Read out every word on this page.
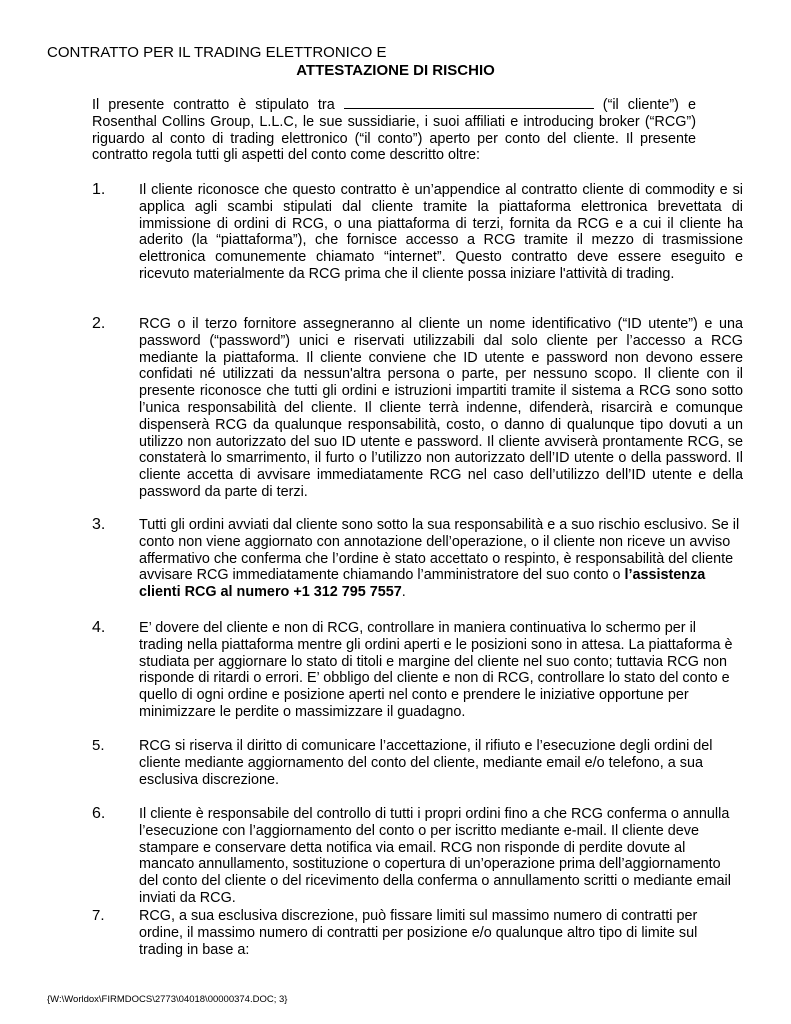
CONTRATTO PER IL TRADING ELETTRONICO E
ATTESTAZIONE DI RISCHIO
Il presente contratto è stipulato tra	(“il cliente”) e Rosenthal Collins Group, L.L.C, le sue sussidiarie, i suoi affiliati e introducing broker (“RCG”) riguardo al conto di trading elettronico (“il conto”) aperto per conto del cliente. Il presente contratto regola tutti gli aspetti del conto come descritto oltre:
1. Il cliente riconosce che questo contratto è un’appendice al contratto cliente di commodity e si applica agli scambi stipulati dal cliente tramite la piattaforma elettronica brevettata di immissione di ordini di RCG, o una piattaforma di terzi, fornita da RCG e a cui il cliente ha aderito (la “piattaforma”), che fornisce accesso a RCG tramite il mezzo di trasmissione elettronica comunemente chiamato “internet”. Questo contratto deve essere eseguito e ricevuto materialmente da RCG prima che il cliente possa iniziare l'attività di trading.
2. RCG o il terzo fornitore assegneranno al cliente un nome identificativo (“ID utente”) e una password (“password”) unici e riservati utilizzabili dal solo cliente per l’accesso a RCG mediante la piattaforma. Il cliente conviene che ID utente e password non devono essere confidati né utilizzati da nessun'altra persona o parte, per nessuno scopo. Il cliente con il presente riconosce che tutti gli ordini e istruzioni impartiti tramite il sistema a RCG sono sotto l’unica responsabilità del cliente. Il cliente terrà indenne, difenderà, risarcirà e comunque dispenserà RCG da qualunque responsabilità, costo, o danno di qualunque tipo dovuti a un utilizzo non autorizzato del suo ID utente e password. Il cliente avviserà prontamente RCG, se constaterà lo smarrimento, il furto o l’utilizzo non autorizzato dell’ID utente o della password. Il cliente accetta di avvisare immediatamente RCG nel caso dell’utilizzo dell’ID utente e della password da parte di terzi.
3. Tutti gli ordini avviati dal cliente sono sotto la sua responsabilità e a suo rischio esclusivo. Se il conto non viene aggiornato con annotazione dell’operazione, o il cliente non riceve un avviso affermativo che conferma che l’ordine è stato accettato o respinto, è responsabilità del cliente avvisare RCG immediatamente chiamando l’amministratore del suo conto o l’assistenza clienti RCG al numero +1 312 795 7557.
4. E’ dovere del cliente e non di RCG, controllare in maniera continuativa lo schermo per il trading nella piattaforma mentre gli ordini aperti e le posizioni sono in attesa. La piattaforma è studiata per aggiornare lo stato di titoli e margine del cliente nel suo conto; tuttavia RCG non risponde di ritardi o errori. E’ obbligo del cliente e non di RCG, controllare lo stato del conto e quello di ogni ordine e posizione aperti nel conto e prendere le iniziative opportune per minimizzare le perdite o massimizzare il guadagno.
5. RCG si riserva il diritto di comunicare l’accettazione, il rifiuto e l’esecuzione degli ordini del cliente mediante aggiornamento del conto del cliente, mediante email e/o telefono, a sua esclusiva discrezione.
6. Il cliente è responsabile del controllo di tutti i propri ordini fino a che RCG conferma o annulla l’esecuzione con l’aggiornamento del conto o per iscritto mediante e-mail. Il cliente deve stampare e conservare detta notifica via email. RCG non risponde di perdite dovute al mancato annullamento, sostituzione o copertura di un’operazione prima dell’aggiornamento del conto del cliente o del ricevimento della conferma o annullamento scritti o mediante email inviati da RCG.
7. RCG, a sua esclusiva discrezione, può fissare limiti sul massimo numero di contratti per ordine, il massimo numero di contratti per posizione e/o qualunque altro tipo di limite sul trading in base a:
{W:\Worldox\FIRMDOCS\2773\04018\00000374.DOC; 3}
